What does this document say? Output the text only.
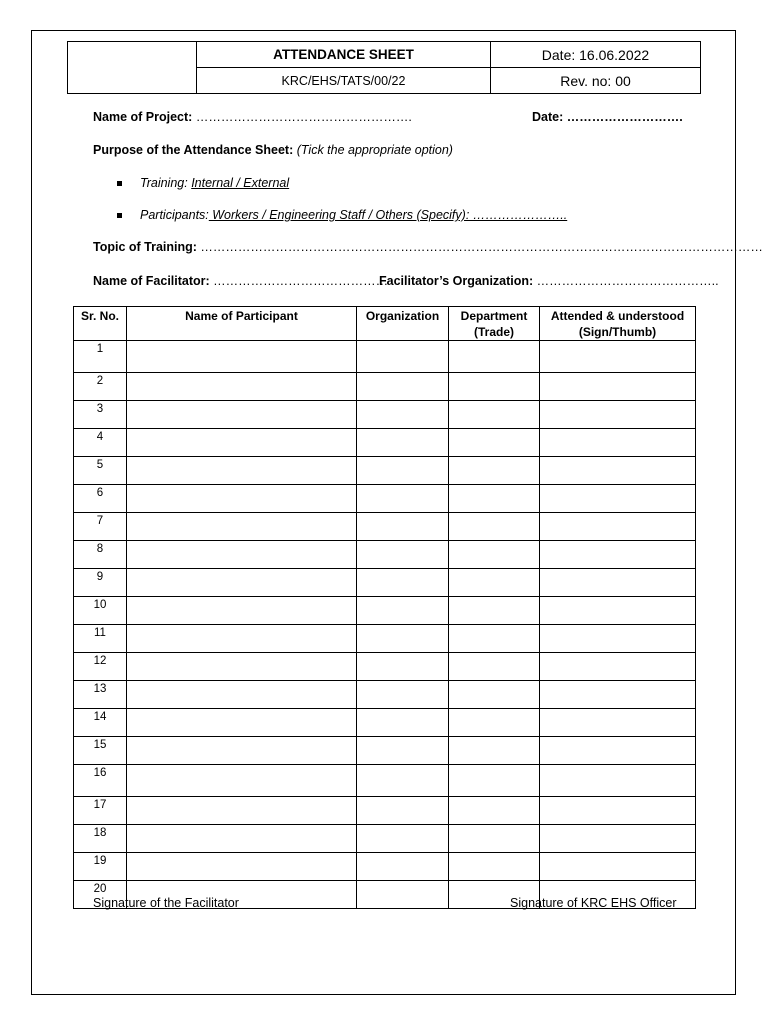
	ATTENDANCE SHEET	Date: 16.06.2022
	KRC/EHS/TATS/00/22	Rev. no: 00
Name of Project: …………………………………………….	Date: ……………………….
Purpose of the Attendance Sheet: (Tick the appropriate option)
Training: Internal / External
Participants: Workers / Engineering Staff / Others (Specify): …………………..
Topic of Training: ………………………………………………………………………………………………………………………
Name of Facilitator: ……………………………………
Facilitator’s Organization: ……………………………………..
Sr. No.	Name of Participant	Organization	Department (Trade)	Attended & understood (Sign/Thumb)
1				
2				
3				
4				
5				
6				
7				
8				
9				
10				
11				
12				
13				
14				
15				
16				
17				
18				
19				
20				
Signature of the Facilitator	Signature of KRC EHS Officer
